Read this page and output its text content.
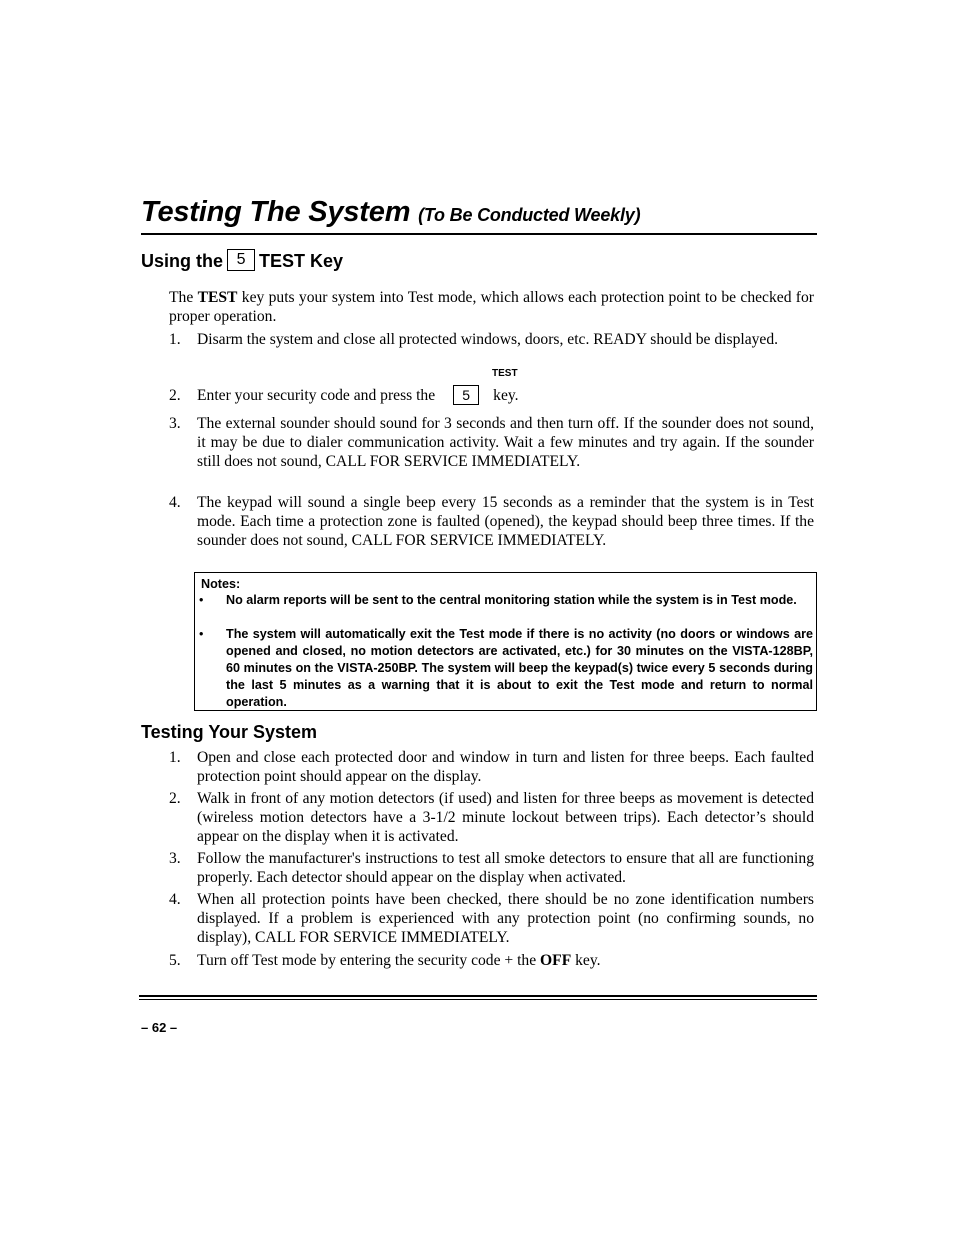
Testing The System (To Be Conducted Weekly)
Using the 5 TEST Key
The TEST key puts your system into Test mode, which allows each protection point to be checked for proper operation.
1.	Disarm the system and close all protected windows, doors, etc. READY should be displayed.
TEST
2.	Enter your security code and press the 5 key.
3.	The external sounder should sound for 3 seconds and then turn off. If the sounder does not sound, it may be due to dialer communication activity. Wait a few minutes and try again. If the sounder still does not sound, CALL FOR SERVICE IMMEDIATELY.
4.	The keypad will sound a single beep every 15 seconds as a reminder that the system is in Test mode. Each time a protection zone is faulted (opened), the keypad should beep three times. If the sounder does not sound, CALL FOR SERVICE IMMEDIATELY.
Notes:
• No alarm reports will be sent to the central monitoring station while the system is in Test mode.
• The system will automatically exit the Test mode if there is no activity (no doors or windows are opened and closed, no motion detectors are activated, etc.) for 30 minutes on the VISTA-128BP, 60 minutes on the VISTA-250BP. The system will beep the keypad(s) twice every 5 seconds during the last 5 minutes as a warning that it is about to exit the Test mode and return to normal operation.
Testing Your System
1.	Open and close each protected door and window in turn and listen for three beeps. Each faulted protection point should appear on the display.
2.	Walk in front of any motion detectors (if used) and listen for three beeps as movement is detected (wireless motion detectors have a 3-1/2 minute lockout between trips). Each detector’s should appear on the display when it is activated.
3.	Follow the manufacturer's instructions to test all smoke detectors to ensure that all are functioning properly. Each detector should appear on the display when activated.
4.	When all protection points have been checked, there should be no zone identification numbers displayed. If a problem is experienced with any protection point (no confirming sounds, no display), CALL FOR SERVICE IMMEDIATELY.
5.	Turn off Test mode by entering the security code + the OFF key.
– 62 –
